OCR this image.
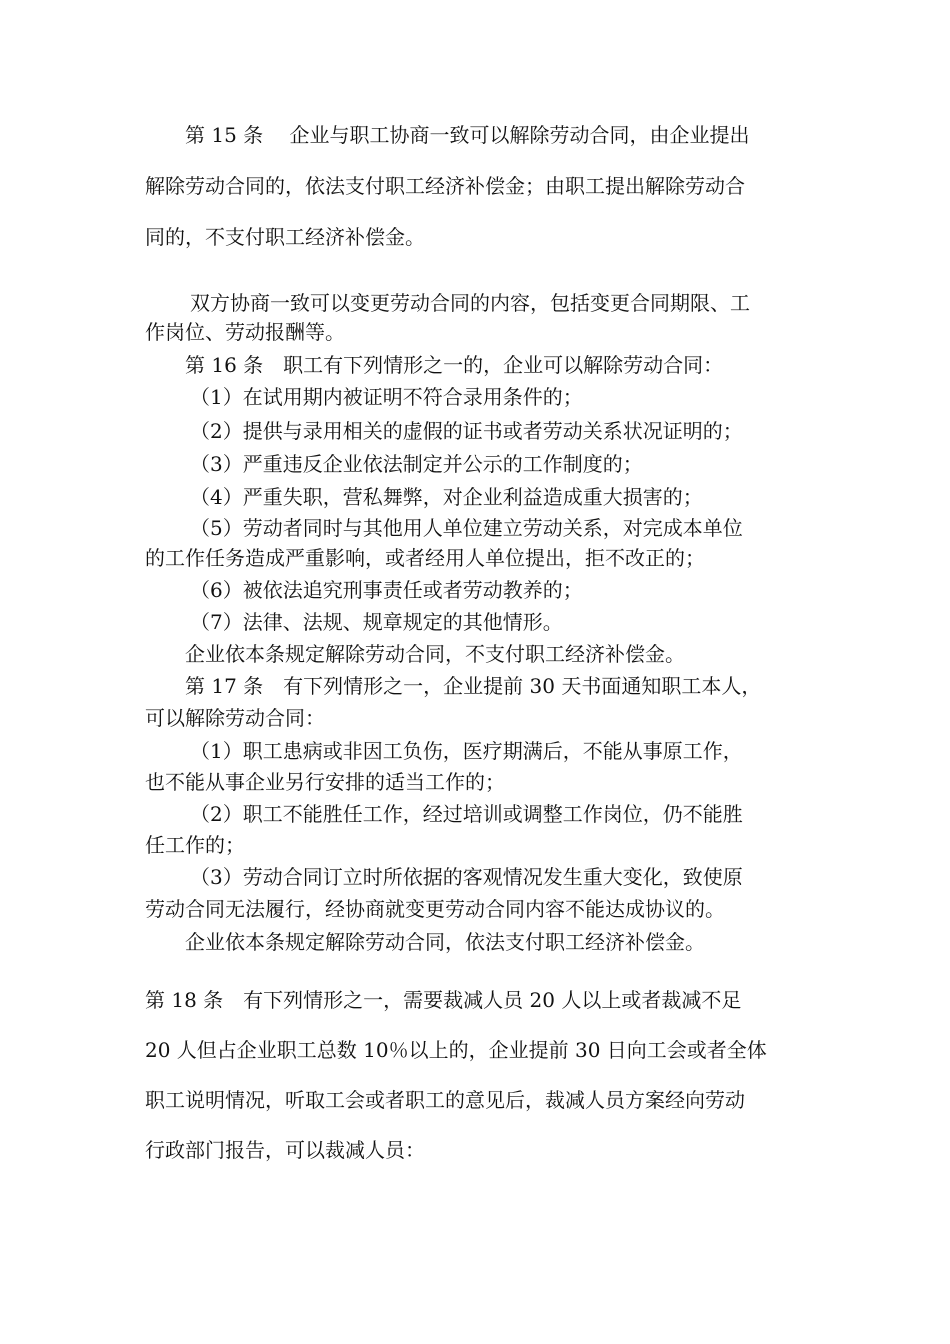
第 15 条　 企业与职工协商一致可以解除劳动合同，由企业提出
解除劳动合同的，依法支付职工经济补偿金；由职工提出解除劳动合
同的，不支付职工经济补偿金。
双方协商一致可以变更劳动合同的内容，包括变更合同期限、工
作岗位、劳动报酬等。
第 16 条　职工有下列情形之一的，企业可以解除劳动合同：
（1）在试用期内被证明不符合录用条件的；
（2）提供与录用相关的虚假的证书或者劳动关系状况证明的；
（3）严重违反企业依法制定并公示的工作制度的；
（4）严重失职，营私舞弊，对企业利益造成重大损害的；
（5）劳动者同时与其他用人单位建立劳动关系，对完成本单位
的工作任务造成严重影响，或者经用人单位提出，拒不改正的；
（6）被依法追究刑事责任或者劳动教养的；
（7）法律、法规、规章规定的其他情形。
企业依本条规定解除劳动合同，不支付职工经济补偿金。
第 17 条　有下列情形之一，企业提前 30 天书面通知职工本人，
可以解除劳动合同：
（1）职工患病或非因工负伤，医疗期满后，不能从事原工作，
也不能从事企业另行安排的适当工作的；
（2）职工不能胜任工作，经过培训或调整工作岗位，仍不能胜
任工作的；
（3）劳动合同订立时所依据的客观情况发生重大变化，致使原
劳动合同无法履行，经协商就变更劳动合同内容不能达成协议的。
企业依本条规定解除劳动合同，依法支付职工经济补偿金。
第 18 条　有下列情形之一，需要裁减人员 20 人以上或者裁减不足
20 人但占企业职工总数 10％以上的，企业提前 30 日向工会或者全体
职工说明情况，听取工会或者职工的意见后，裁减人员方案经向劳动
行政部门报告，可以裁减人员：
